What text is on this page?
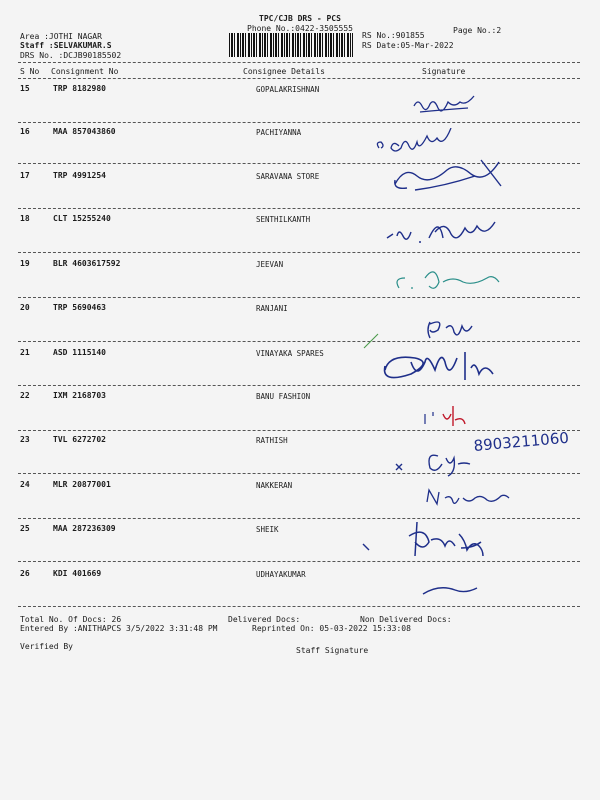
TPC/CJB DRS - PCS
Phone No.:0422-3505555
Area :JOTHI NAGAR
Staff :SELVAKUMAR.S
DRS No. :DCJB90185502
RS No.:901855
RS Date:05-Mar-2022
Page No.:2
S No Consignment No	Consignee Details	Signature
15	TRP 8182980	GOPALAKRISHNAN
16	MAA 857043860	PACHIYANNA
17	TRP 4991254	SARAVANA STORE
18	CLT 15255240	SENTHILKANTH
19	BLR 4603617592	JEEVAN
20	TRP 5690463	RANJANI
21	ASD 1115140	VINAYAKA SPARES
22	IXM 2168703	BANU FASHION
23	TVL 6272702	RATHISH
24	MLR 20877001	NAKKERAN
25	MAA 287236309	SHEIK
26	KDI 401669	UDHAYAKUMAR
8903211060
Total No. Of Docs: 26	Delivered Docs:	Non Delivered Docs:
Entered By :ANITHAPCS 3/5/2022 3:31:48 PM	Reprinted On: 05-03-2022 15:33:08
Verified By	Staff Signature
